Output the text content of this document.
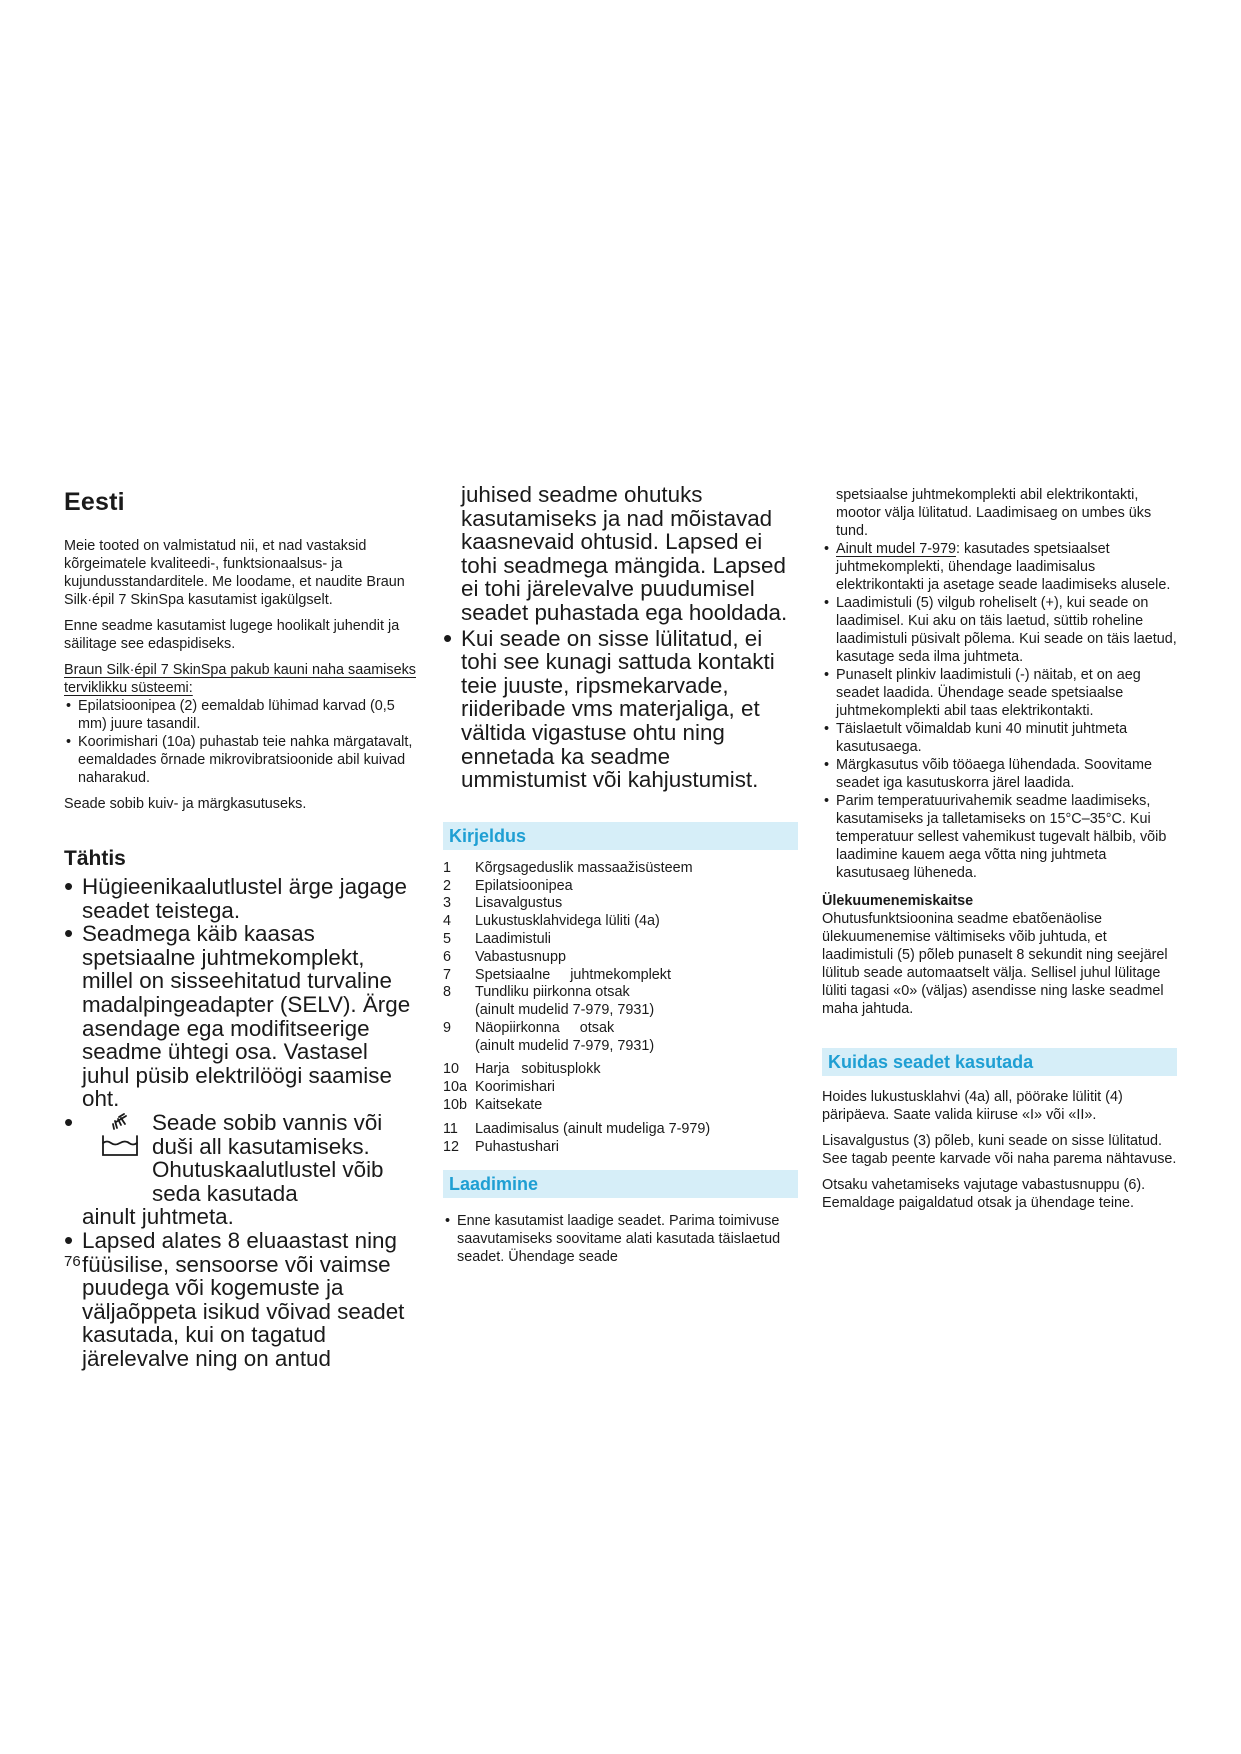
Eesti

Meie tooted on valmistatud nii, et nad vastaksid kõrgeimatele kvaliteedi-, funktsionaalsus- ja kujundusstandarditele. Me loodame, et naudite Braun Silk·épil 7 SkinSpa kasutamist igakülgselt.

Enne seadme kasutamist lugege hoolikalt juhendit ja säilitage see edaspidiseks.

Braun Silk·épil 7 SkinSpa pakub kauni naha saamiseks terviklikku süsteemi:

• Epilatsioonipea (2) eemaldab lühimad karvad (0,5 mm) juure tasandil.
• Koorimishari (10a) puhastab teie nahka märgatavalt, eemaldades õrnade mikrovibratsioonide abil kuivad naharakud.

Seade sobib kuiv- ja märgkasutuseks.

Tähtis
• Hügieenikaalutlustel ärge jagage seadet teistega.
• Seadmega käib kaasas spetsiaalne juhtmekomplekt, millel on sisseehitatud turvaline madalpingeadapter (SELV). Ärge asendage ega modifitseerige seadme ühtegi osa. Vastasel juhul püsib elektrilöögi saamise oht.
• Seade sobib vannis või duši all kasutamiseks. Ohutuskaalutlustel võib seda kasutada
ainult juhtmeta.
• Lapsed alates 8 eluaastast ning füüsilise, sensoorse või vaimse puudega või kogemuste ja väljaõppeta isikud võivad seadet kasutada, kui on tagatud järelevalve ning on antud
76

juhised seadme ohutuks kasutamiseks ja nad mõistavad kaasnevaid ohtusid. Lapsed ei tohi seadmega mängida. Lapsed ei tohi järelevalve puudumisel seadet puhastada ega hooldada.

• Kui seade on sisse lülitatud, ei tohi see kunagi sattuda kontakti teie juuste, ripsmekarvade, riideribade vms materjaliga, et vältida vigastuse ohtu ning ennetada ka seadme ummistumist või kahjustumist.
Kirjeldus
1	Kõrgsageduslik massaažisüsteem
2	Epilatsioonipea
3	Lisavalgustus
4	Lukustusklahvidega lüliti (4a)
5	Laadimistuli
6	Vabastusnupp
7	Spetsiaalne     juhtmekomplekt
8	Tundliku piirkonna otsak
(ainult mudelid 7-979, 7931)
9	Näopiirkonna     otsak
(ainult mudelid 7-979, 7931)
10	Harja   sobitusplokk
10a Koorimishari
10b Kaitsekate
11	Laadimisalus (ainult mudeliga 7-979)
12	Puhastushari
Laadimine
• Enne kasutamist laadige seadet. Parima toimivuse saavutamiseks soovitame alati kasutada täislaetud seadet. Ühendage seade

spetsiaalse juhtmekomplekti abil elektrikontakti, mootor välja lülitatud. Laadimisaeg on umbes üks tund.

• Ainult mudel 7-979: kasutades spetsiaalset juhtmekomplekti, ühendage laadimisalus elektrikontakti ja asetage seade laadimiseks alusele.
• Laadimistuli (5) vilgub roheliselt (+), kui seade on laadimisel. Kui aku on täis laetud, süttib roheline laadimistuli püsivalt põlema. Kui seade on täis laetud, kasutage seda ilma juhtmeta.
• Punaselt plinkiv laadimistuli (-) näitab, et on aeg seadet laadida. Ühendage seade spetsiaalse juhtmekomplekti abil taas elektrikontakti.
• Täislaetult võimaldab kuni 40 minutit juhtmeta kasutusaega.
• Märgkasutus võib tööaega lühendada. Soovitame seadet iga kasutuskorra järel laadida.
• Parim temperatuurivahemik seadme laadimiseks, kasutamiseks ja talletamiseks on 15°C–35°C. Kui temperatuur sellest vahemikust tugevalt hälbib, võib laadimine kauem aega võtta ning juhtmeta kasutusaeg lüheneda.
Ülekuumenemiskaitse

Ohutusfunktsioonina seadme ebatõenäolise ülekuumenemise vältimiseks võib juhtuda, et laadimistuli (5) põleb punaselt 8 sekundit ning seejärel lülitub seade automaatselt välja. Sellisel juhul lülitage lüliti tagasi «0» (väljas) asendisse ning laske seadmel maha jahtuda.

Kuidas seadet kasutada

Hoides lukustusklahvi (4a) all, pöörake lülitit (4) päripäeva. Saate valida kiiruse «I» või «II».

Lisavalgustus (3) põleb, kuni seade on sisse lülitatud. See tagab peente karvade või naha parema nähtavuse.

Otsaku vahetamiseks vajutage vabastusnuppu (6). Eemaldage paigaldatud otsak ja ühendage teine.
